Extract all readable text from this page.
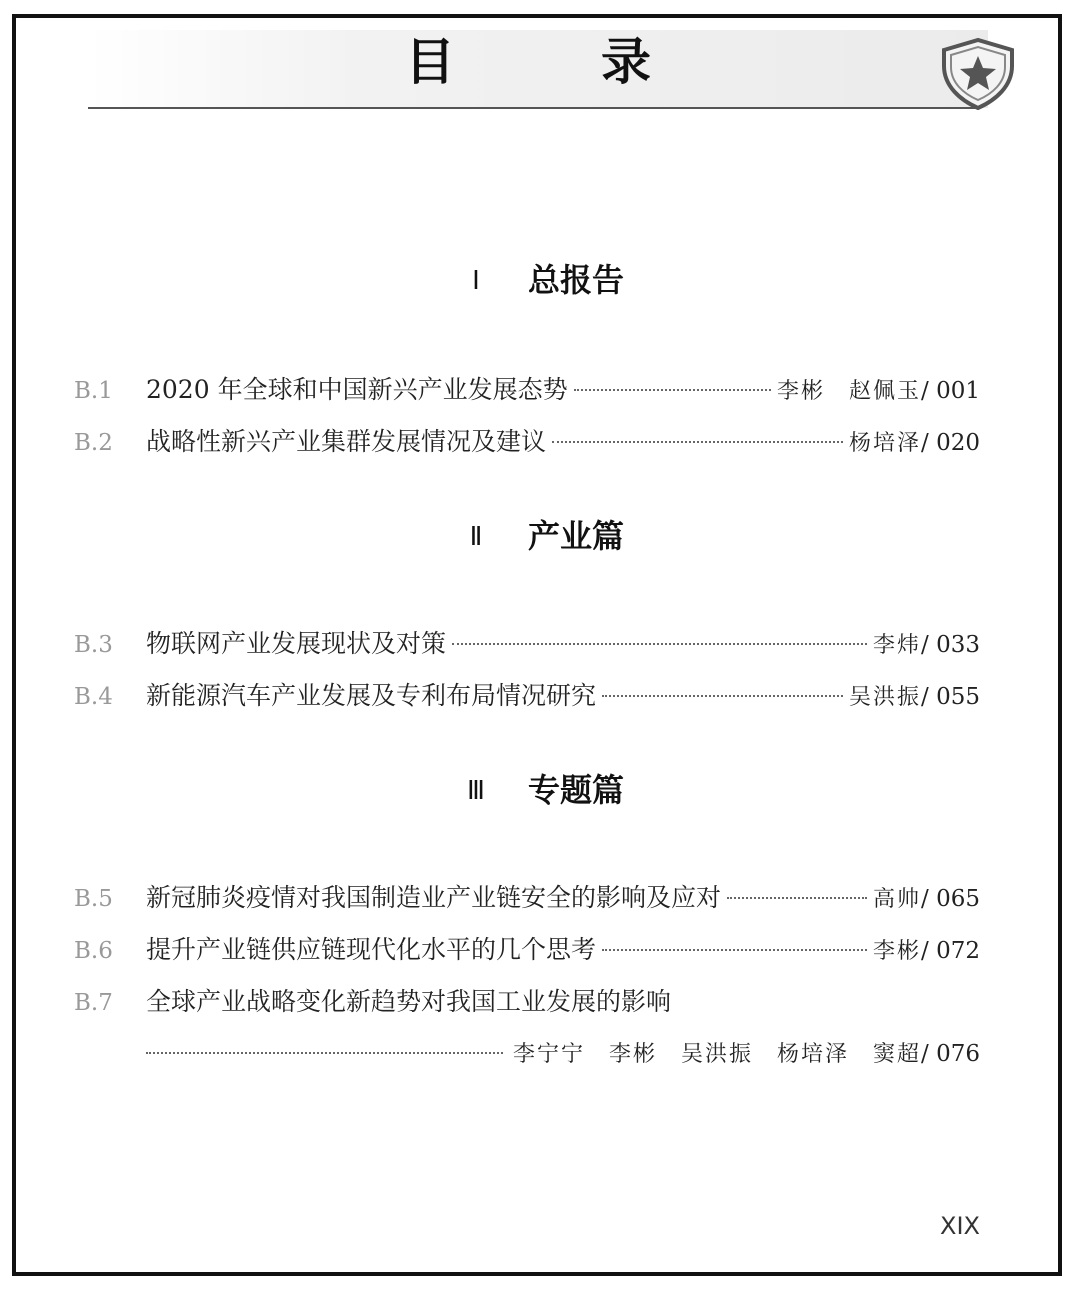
目　录
Ⅰ 总报告
B.1	2020 年全球和中国新兴产业发展态势	李彬　赵佩玉 / 001
B.2	战略性新兴产业集群发展情况及建议	杨培泽 / 020
Ⅱ 产业篇
B.3	物联网产业发展现状及对策	李炜 / 033
B.4	新能源汽车产业发展及专利布局情况研究	吴洪振 / 055
Ⅲ 专题篇
B.5	新冠肺炎疫情对我国制造业产业链安全的影响及应对	高帅 / 065
B.6	提升产业链供应链现代化水平的几个思考	李彬 / 072
B.7	全球产业战略变化新趋势对我国工业发展的影响
李宁宁　李彬　吴洪振　杨培泽　窦超 / 076
XIX
